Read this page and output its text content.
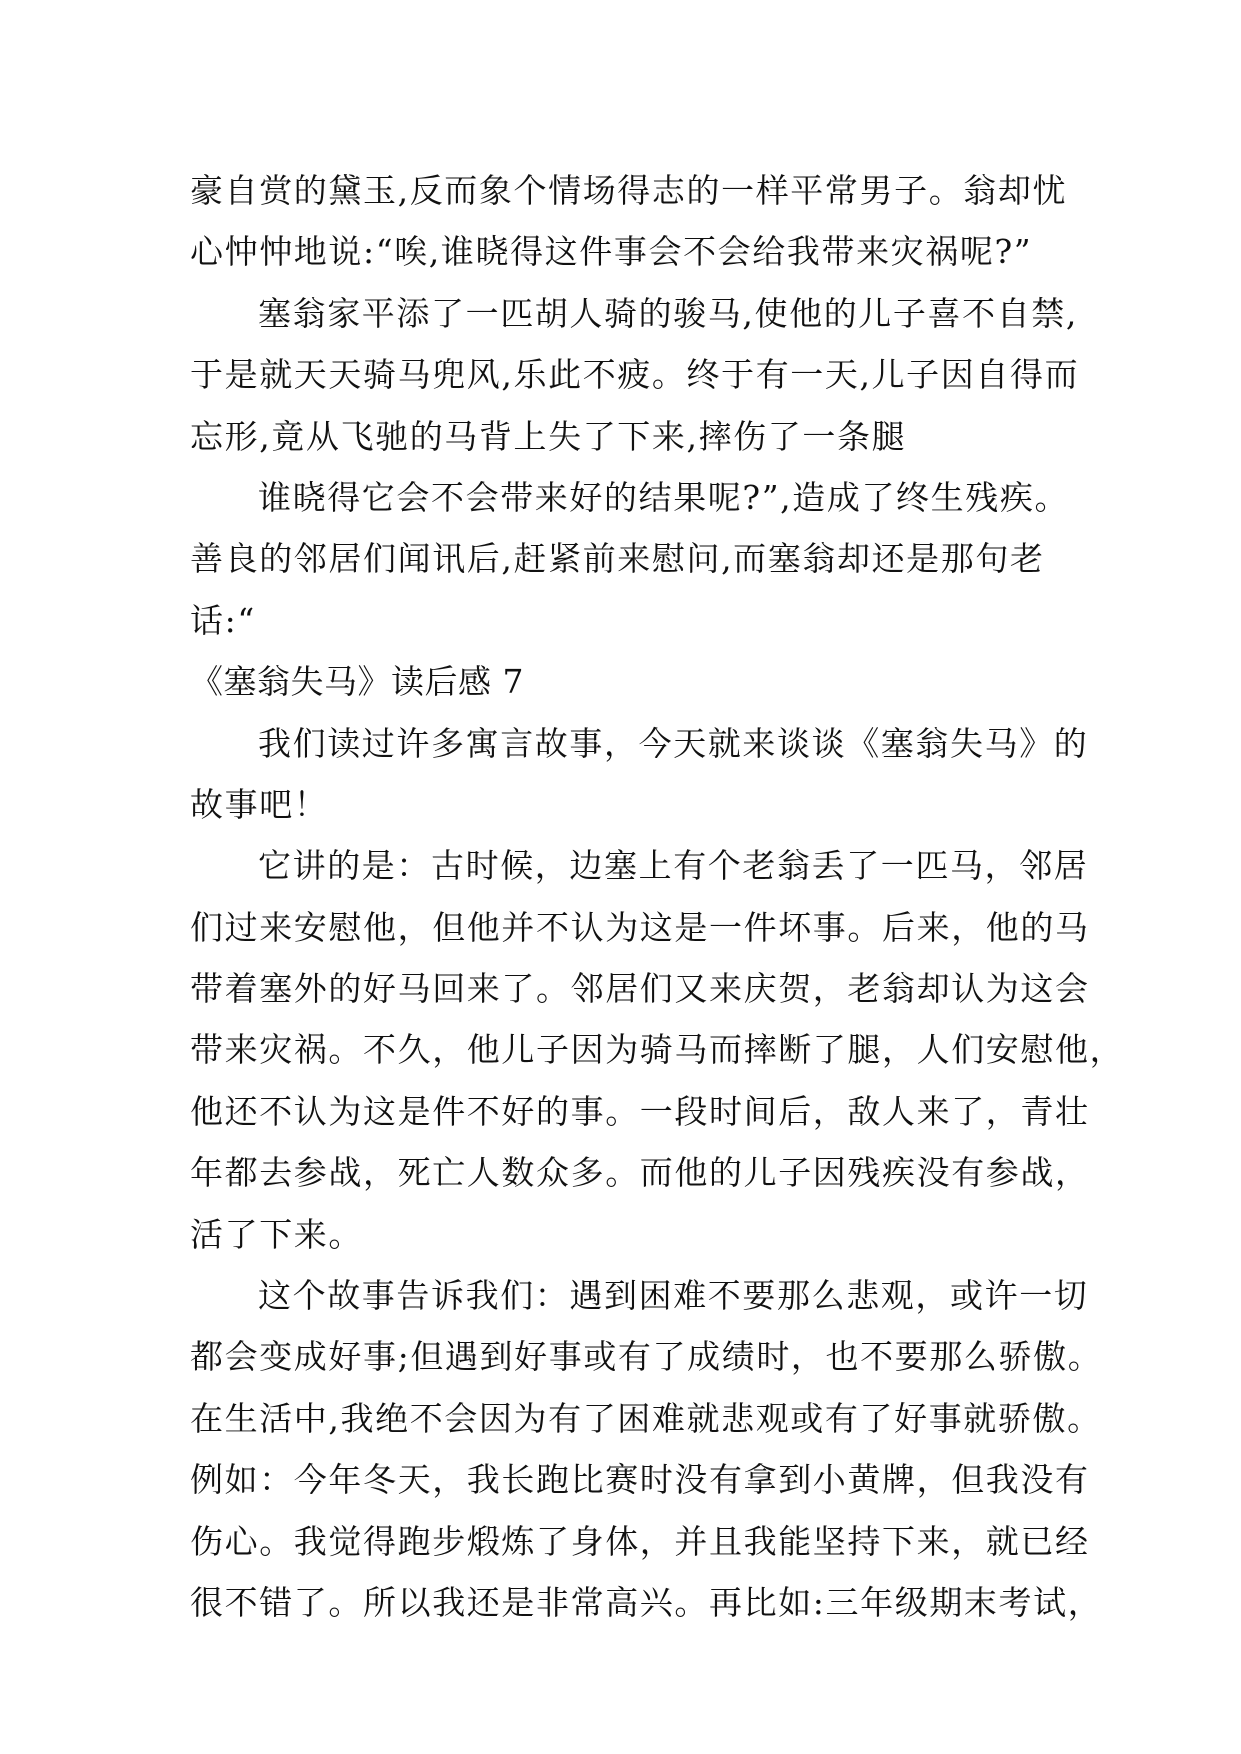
豪自赏的黛玉,反而象个情场得志的一样平常男子。翁却忧
心忡忡地说:“唉,谁晓得这件事会不会给我带来灾祸呢?”
塞翁家平添了一匹胡人骑的骏马,使他的儿子喜不自禁,
于是就天天骑马兜风,乐此不疲。终于有一天,儿子因自得而
忘形,竟从飞驰的马背上失了下来,摔伤了一条腿
谁晓得它会不会带来好的结果呢?”,造成了终生残疾。
善良的邻居们闻讯后,赶紧前来慰问,而塞翁却还是那句老
话:“
《塞翁失马》读后感 7
我们读过许多寓言故事，今天就来谈谈《塞翁失马》的
故事吧！
它讲的是：古时候，边塞上有个老翁丢了一匹马，邻居
们过来安慰他，但他并不认为这是一件坏事。后来，他的马
带着塞外的好马回来了。邻居们又来庆贺，老翁却认为这会
带来灾祸。不久，他儿子因为骑马而摔断了腿，人们安慰他，
他还不认为这是件不好的事。一段时间后，敌人来了，青壮
年都去参战，死亡人数众多。而他的儿子因残疾没有参战，
活了下来。
这个故事告诉我们：遇到困难不要那么悲观，或许一切
都会变成好事;但遇到好事或有了成绩时，也不要那么骄傲。
在生活中,我绝不会因为有了困难就悲观或有了好事就骄傲。
例如：今年冬天，我长跑比赛时没有拿到小黄牌，但我没有
伤心。我觉得跑步煅炼了身体，并且我能坚持下来，就已经
很不错了。所以我还是非常高兴。再比如:三年级期末考试，
